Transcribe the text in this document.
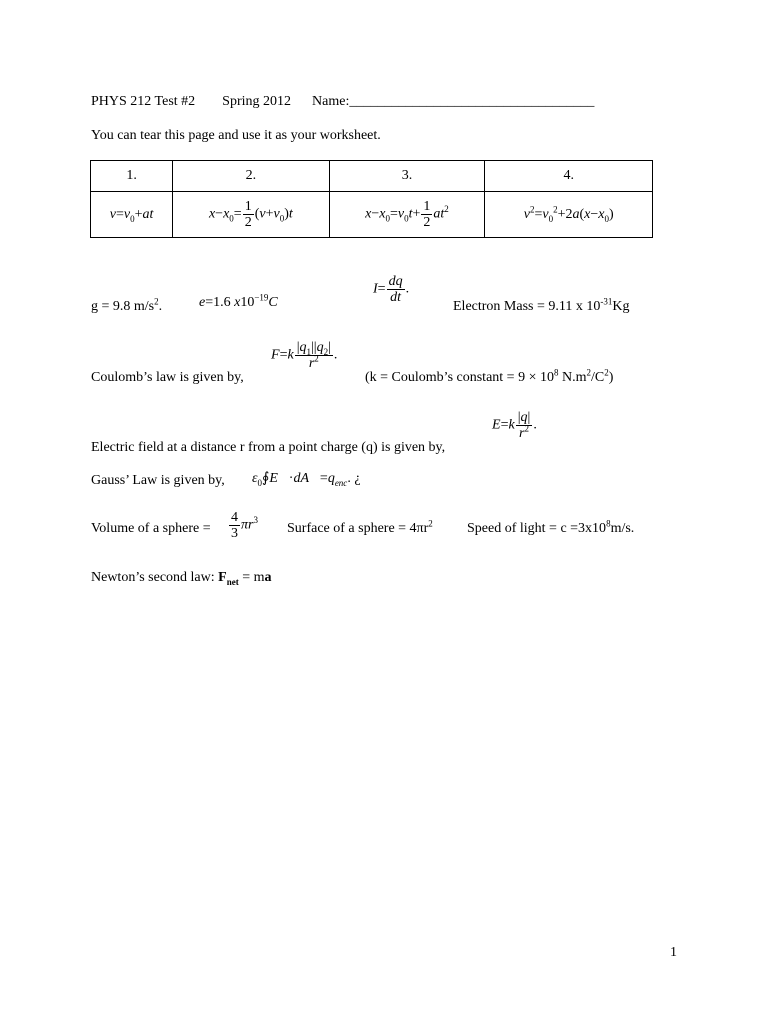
PHYS 212 Test #2 Spring 2012 Name:___________________________________
You can tear this page and use it as your worksheet.
1.	2.	3.	4.
$v=v_0+at$	$x-x_0= \frac{1}{2} (v+v_0)t$	$x-x_0=v_0t+ \frac{1}{2} at^2$	$v^2=v_0^2+2a(x-x_0)$
g = 9.8 $m/s^2$.	e=1.6 $x10^{-19}C$
$I= \frac{dq}{dt}$ .
Electron Mass = 9.11 x $10^{-31}Kg$
$F=k \frac{|q_1||q_2|}{r^2}$ .
Coulomb’s law is given by,	(k = Coulomb’s constant = $9 \times 10^8$ $N.m^2/C^2$)
$E=k \frac{|q|}{r^2}$ .
Electric field at a distance r from a point charge (q) is given by,
Gauss’ Law is given by, $\varepsilon_0∮E⃗\cdot dA⃗=q_{enc}$. ¿
Volume of a sphere = $\frac{4}{3} \pi r^3$
Surface of a sphere = $4\pi r^2$ Speed of light = $c =3x10^8m/s$.
Newton’s second law: $F_{net}$ = ma
1
